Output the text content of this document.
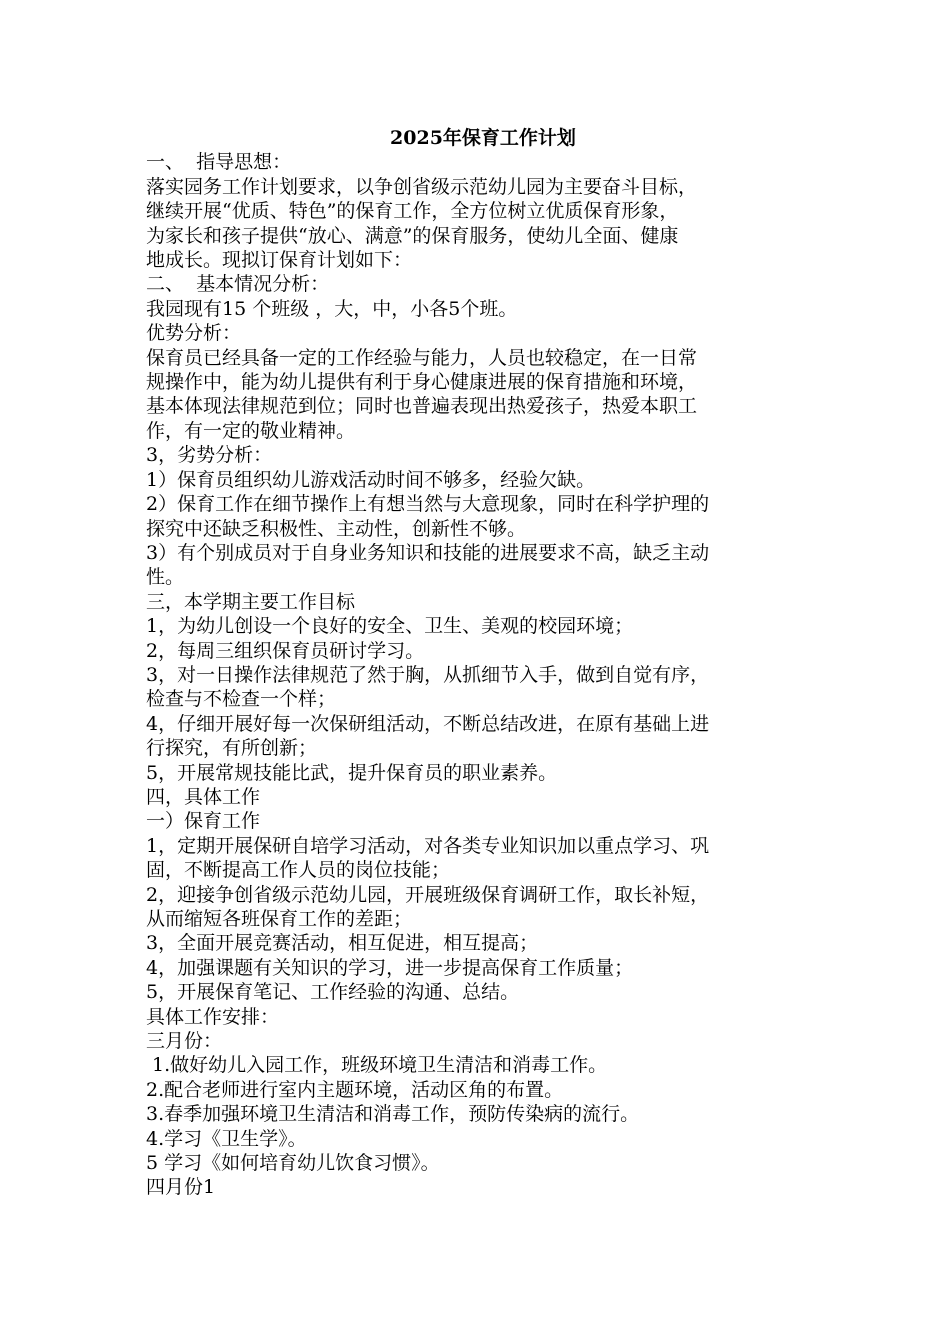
2025年保育工作计划

一、  指导思想：

落实园务工作计划要求，以争创省级示范幼儿园为主要奋斗目标，

继续开展“优质、特色”的保育工作，全方位树立优质保育形象，

为家长和孩子提供“放心、满意”的保育服务，使幼儿全面、健康

地成长。现拟订保育计划如下：

二、  基本情况分析：

我园现有15 个班级 ，大，中，小各5个班。

优势分析：

保育员已经具备一定的工作经验与能力，人员也较稳定，在一日常

规操作中，能为幼儿提供有利于身心健康进展的保育措施和环境，

基本体现法律规范到位；同时也普遍表现出热爱孩子，热爱本职工

作，有一定的敬业精神。

3，劣势分析：

1）保育员组织幼儿游戏活动时间不够多，经验欠缺。

2）保育工作在细节操作上有想当然与大意现象，同时在科学护理的

探究中还缺乏积极性、主动性，创新性不够。

3）有个别成员对于自身业务知识和技能的进展要求不高，缺乏主动

性。

三，本学期主要工作目标

1，为幼儿创设一个良好的安全、卫生、美观的校园环境；

2，每周三组织保育员研讨学习。

3，对一日操作法律规范了然于胸，从抓细节入手，做到自觉有序，

检查与不检查一个样；

4，仔细开展好每一次保研组活动，不断总结改进，在原有基础上进

行探究，有所创新；

5，开展常规技能比武，提升保育员的职业素养。

四，具体工作

一）保育工作

1，定期开展保研自培学习活动，对各类专业知识加以重点学习、巩

固，不断提高工作人员的岗位技能；

2，迎接争创省级示范幼儿园，开展班级保育调研工作，取长补短，

从而缩短各班保育工作的差距；

3，全面开展竞赛活动，相互促进，相互提高；

4，加强课题有关知识的学习，进一步提高保育工作质量；

5，开展保育笔记、工作经验的沟通、总结。

具体工作安排：

三月份：

1.做好幼儿入园工作，班级环境卫生清洁和消毒工作。

2.配合老师进行室内主题环境，活动区角的布置。

3.春季加强环境卫生清洁和消毒工作，预防传染病的流行。

4.学习《卫生学》。

5 学习《如何培育幼儿饮食习惯》。

四月份1
